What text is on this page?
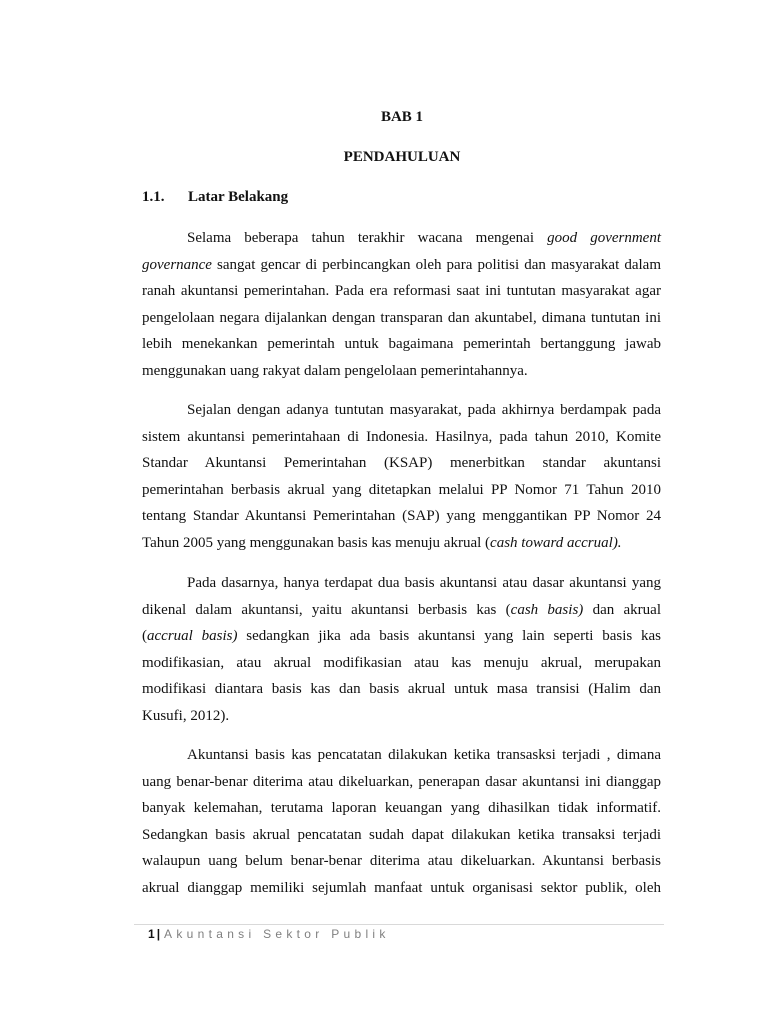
BAB 1
PENDAHULUAN
1.1. Latar Belakang
Selama beberapa tahun terakhir wacana mengenai good government
governance sangat gencar di perbincangkan oleh para politisi dan masyarakat dalam
ranah akuntansi pemerintahan. Pada era reformasi saat ini tuntutan masyarakat agar
pengelolaan negara dijalankan dengan transparan dan akuntabel, dimana tuntutan ini
lebih menekankan pemerintah untuk bagaimana pemerintah bertanggung jawab
menggunakan uang rakyat dalam pengelolaan pemerintahannya.
Sejalan dengan adanya tuntutan masyarakat, pada akhirnya berdampak pada
sistem akuntansi pemerintahaan di Indonesia. Hasilnya, pada tahun 2010, Komite
Standar Akuntansi Pemerintahan (KSAP) menerbitkan standar akuntansi
pemerintahan berbasis akrual yang ditetapkan melalui PP Nomor 71 Tahun 2010
tentang Standar Akuntansi Pemerintahan (SAP) yang menggantikan PP Nomor 24
Tahun 2005 yang menggunakan basis kas menuju akrual (cash toward accrual).
Pada dasarnya, hanya terdapat dua basis akuntansi atau dasar akuntansi yang
dikenal dalam akuntansi, yaitu akuntansi berbasis kas (cash basis) dan akrual
(accrual basis) sedangkan jika ada basis akuntansi yang lain seperti basis kas
modifikasian, atau akrual modifikasian atau kas menuju akrual, merupakan
modifikasi diantara basis kas dan basis akrual untuk masa transisi (Halim dan
Kusufi, 2012).
Akuntansi basis kas pencatatan dilakukan ketika transasksi terjadi , dimana
uang benar-benar diterima atau dikeluarkan, penerapan dasar akuntansi ini dianggap
banyak kelemahan, terutama laporan keuangan yang dihasilkan tidak informatif.
Sedangkan basis akrual pencatatan sudah dapat dilakukan ketika transaksi terjadi
walaupun uang belum benar-benar diterima atau dikeluarkan. Akuntansi berbasis
akrual dianggap memiliki sejumlah manfaat untuk organisasi sektor publik, oleh
1 | Akuntansi Sektor Publik
